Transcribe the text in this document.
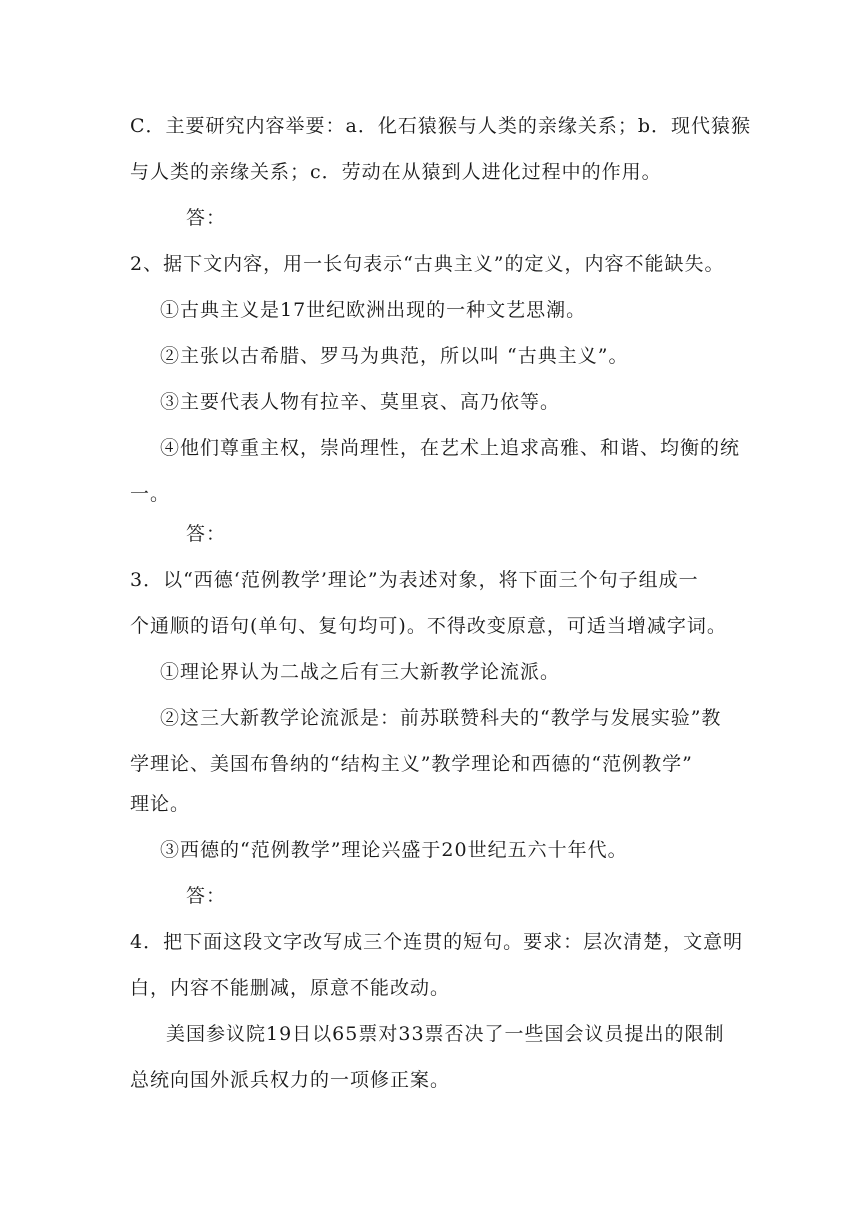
C．主要研究内容举要：a．化石猿猴与人类的亲缘关系；b．现代猿猴
与人类的亲缘关系；c．劳动在从猿到人进化过程中的作用。
答：
2、据下文内容，用一长句表示“古典主义”的定义，内容不能缺失。
①古典主义是17世纪欧洲出现的一种文艺思潮。
②主张以古希腊、罗马为典范，所以叫 “古典主义”。
③主要代表人物有拉辛、莫里哀、高乃依等。
④他们尊重主权，崇尚理性，在艺术上追求高雅、和谐、均衡的统
一。
答：
3．以“西德‘范例教学’理论”为表述对象，将下面三个句子组成一
个通顺的语句(单句、复句均可)。不得改变原意，可适当增减字词。
①理论界认为二战之后有三大新教学论流派。
②这三大新教学论流派是：前苏联赞科夫的“教学与发展实验”教
学理论、美国布鲁纳的“结构主义”教学理论和西德的“范例教学”
理论。
③西德的“范例教学”理论兴盛于20世纪五六十年代。
答：
4．把下面这段文字改写成三个连贯的短句。要求：层次清楚，文意明
白，内容不能删减，原意不能改动。
美国参议院19日以65票对33票否决了一些国会议员提出的限制
总统向国外派兵权力的一项修正案。
